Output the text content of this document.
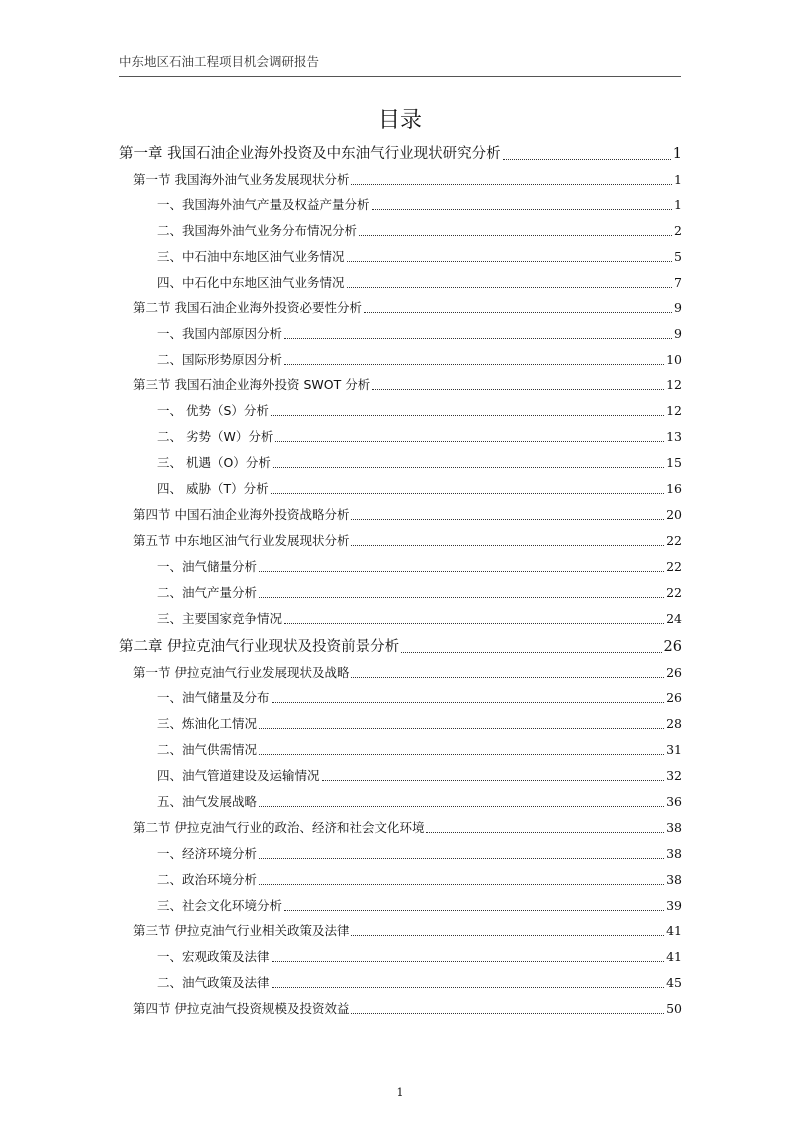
中东地区石油工程项目机会调研报告
目录
第一章 我国石油企业海外投资及中东油气行业现状研究分析	1
第一节 我国海外油气业务发展现状分析	1
一、我国海外油气产量及权益产量分析	1
二、我国海外油气业务分布情况分析	2
三、中石油中东地区油气业务情况	5
四、中石化中东地区油气业务情况	7
第二节 我国石油企业海外投资必要性分析	9
一、我国内部原因分析	9
二、国际形势原因分析	10
第三节 我国石油企业海外投资 SWOT 分析	12
一、 优势（S）分析	12
二、 劣势（W）分析	13
三、 机遇（O）分析	15
四、 威胁（T）分析	16
第四节 中国石油企业海外投资战略分析	20
第五节 中东地区油气行业发展现状分析	22
一、油气储量分析	22
二、油气产量分析	22
三、主要国家竞争情况	24
第二章 伊拉克油气行业现状及投资前景分析	26
第一节 伊拉克油气行业发展现状及战略	26
一、油气储量及分布	26
三、炼油化工情况	28
二、油气供需情况	31
四、油气管道建设及运输情况	32
五、油气发展战略	36
第二节 伊拉克油气行业的政治、经济和社会文化环境	38
一、经济环境分析	38
二、政治环境分析	38
三、社会文化环境分析	39
第三节 伊拉克油气行业相关政策及法律	41
一、宏观政策及法律	41
二、油气政策及法律	45
第四节 伊拉克油气投资规模及投资效益	50
1
